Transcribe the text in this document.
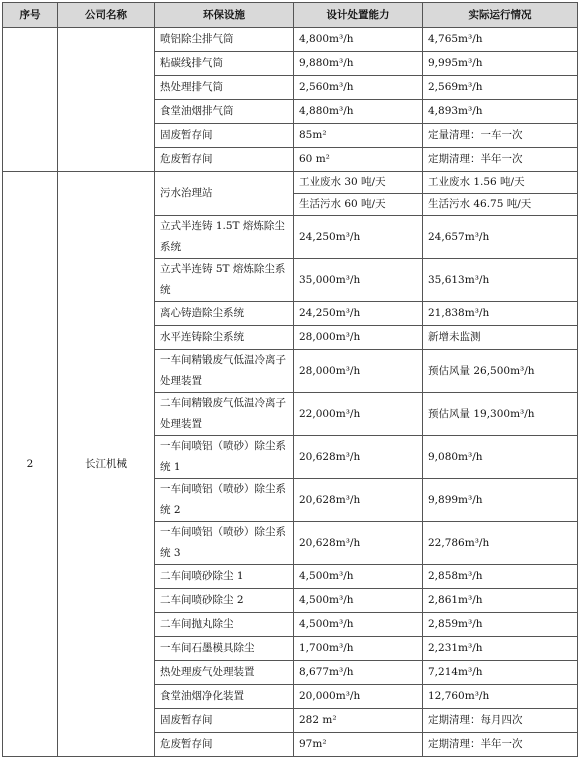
序号	公司名称	环保设施	设计处置能力	实际运行情况
		喷铝除尘排气筒	4,800m³/h	4,765m³/h
		粘碳线排气筒	9,880m³/h	9,995m³/h
		热处理排气筒	2,560m³/h	2,569m³/h
		食堂油烟排气筒	4,880m³/h	4,893m³/h
		固废暂存间	85m²	定量清理：一车一次
		危废暂存间	60 m²	定期清理：半年一次
2	长江机械	污水治理站	工业废水 30 吨/天	工业废水 1.56 吨/天
			生活污水 60 吨/天	生活污水 46.75 吨/天
		立式半连铸 1.5T 熔炼除尘系统	24,250m³/h	24,657m³/h
		立式半连铸 5T 熔炼除尘系统	35,000m³/h	35,613m³/h
		离心铸造除尘系统	24,250m³/h	21,838m³/h
		水平连铸除尘系统	28,000m³/h	新增未监测
		一车间精锻废气低温冷离子处理装置	28,000m³/h	预估风量 26,500m³/h
		二车间精锻废气低温冷离子处理装置	22,000m³/h	预估风量 19,300m³/h
		一车间喷铝（喷砂）除尘系统 1	20,628m³/h	9,080m³/h
		一车间喷铝（喷砂）除尘系统 2	20,628m³/h	9,899m³/h
		一车间喷铝（喷砂）除尘系统 3	20,628m³/h	22,786m³/h
		二车间喷砂除尘 1	4,500m³/h	2,858m³/h
		二车间喷砂除尘 2	4,500m³/h	2,861m³/h
		二车间抛丸除尘	4,500m³/h	2,859m³/h
		一车间石墨模具除尘	1,700m³/h	2,231m³/h
		热处理废气处理装置	8,677m³/h	7,214m³/h
		食堂油烟净化装置	20,000m³/h	12,760m³/h
		固废暂存间	282 m²	定期清理：每月四次
		危废暂存间	97m²	定期清理：半年一次
